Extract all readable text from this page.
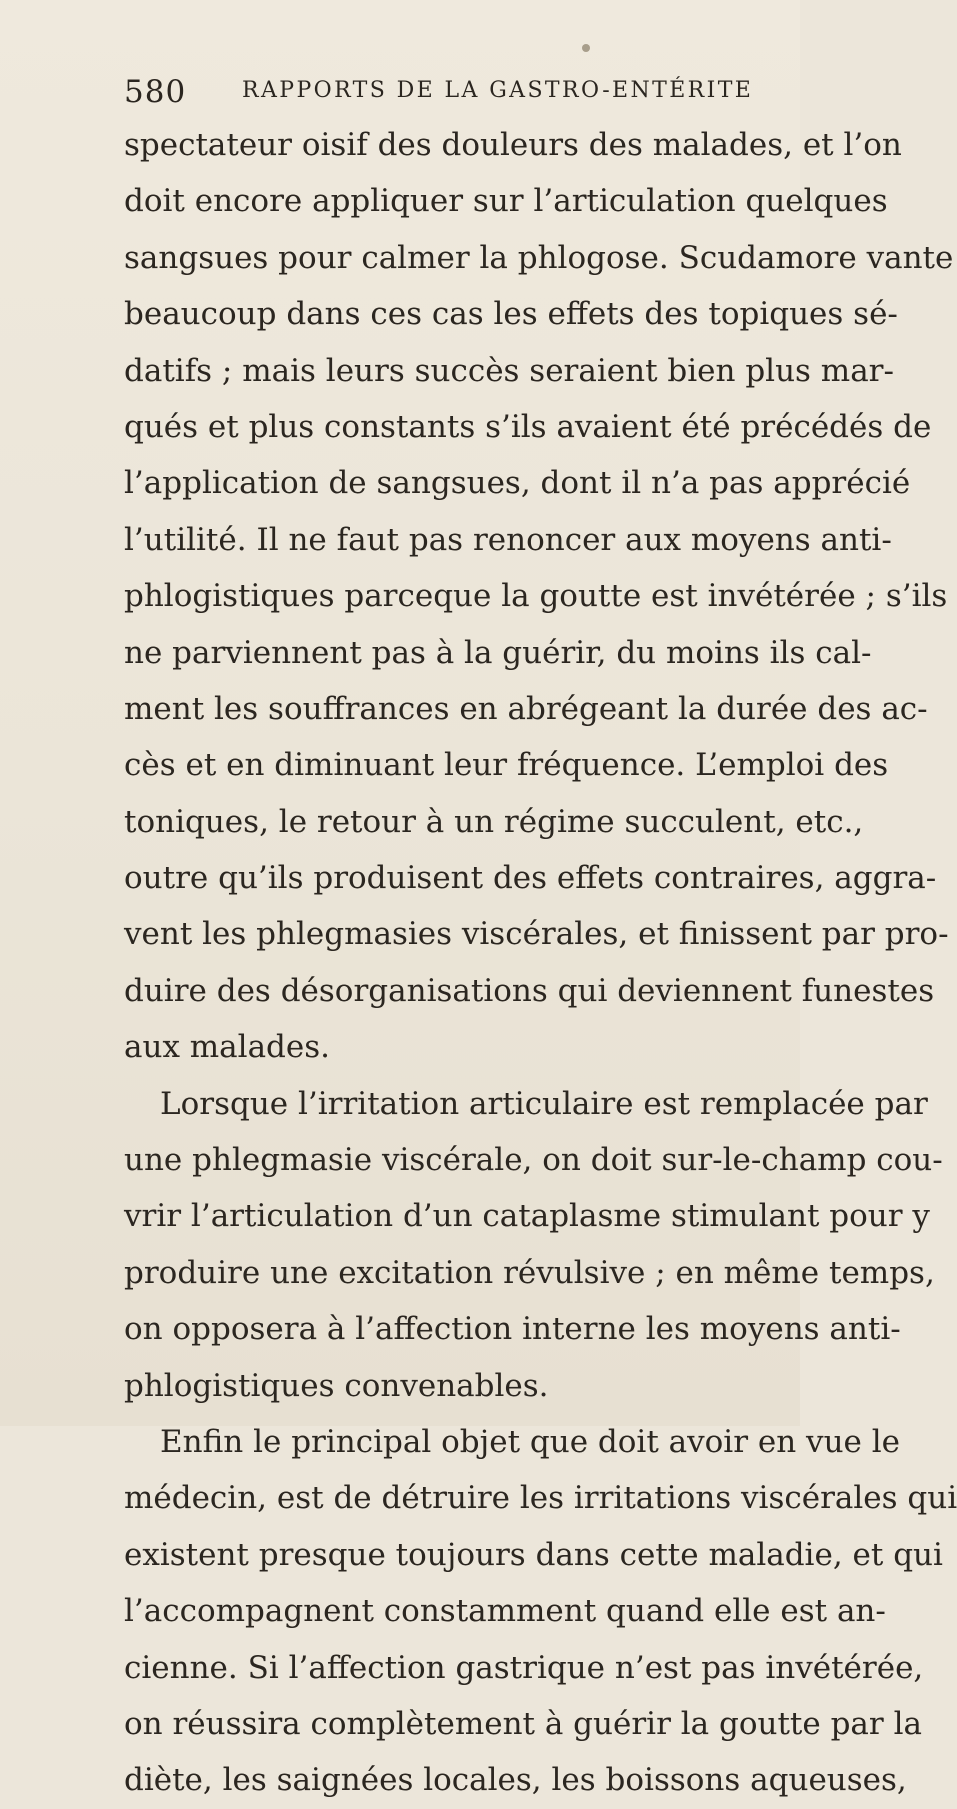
580	RAPPORTS DE LA GASTRO-ENTÉRITE
spectateur oisif des douleurs des malades, et l’on
doit encore appliquer sur l’articulation quelques
sangsues pour calmer la phlogose. Scudamore vante
beaucoup dans ces cas les effets des topiques sé-
datifs ; mais leurs succès seraient bien plus mar-
qués et plus constants s’ils avaient été précédés de
l’application de sangsues, dont il n’a pas apprécié
l’utilité. Il ne faut pas renoncer aux moyens anti-
phlogistiques parceque la goutte est invétérée ; s’ils
ne parviennent pas à la guérir, du moins ils cal-
ment les souffrances en abrégeant la durée des ac-
cès et en diminuant leur fréquence. L’emploi des
toniques, le retour à un régime succulent, etc.,
outre qu’ils produisent des effets contraires, aggra-
vent les phlegmasies viscérales, et finissent par pro-
duire des désorganisations qui deviennent funestes
aux malades.
Lorsque l’irritation articulaire est remplacée par
une phlegmasie viscérale, on doit sur-le-champ cou-
vrir l’articulation d’un cataplasme stimulant pour y
produire une excitation révulsive ; en même temps,
on opposera à l’affection interne les moyens anti-
phlogistiques convenables.
Enfin le principal objet que doit avoir en vue le
médecin, est de détruire les irritations viscérales qui
existent presque toujours dans cette maladie, et qui
l’accompagnent constamment quand elle est an-
cienne. Si l’affection gastrique n’est pas invétérée,
on réussira complètement à guérir la goutte par la
diète, les saignées locales, les boissons aqueuses,
